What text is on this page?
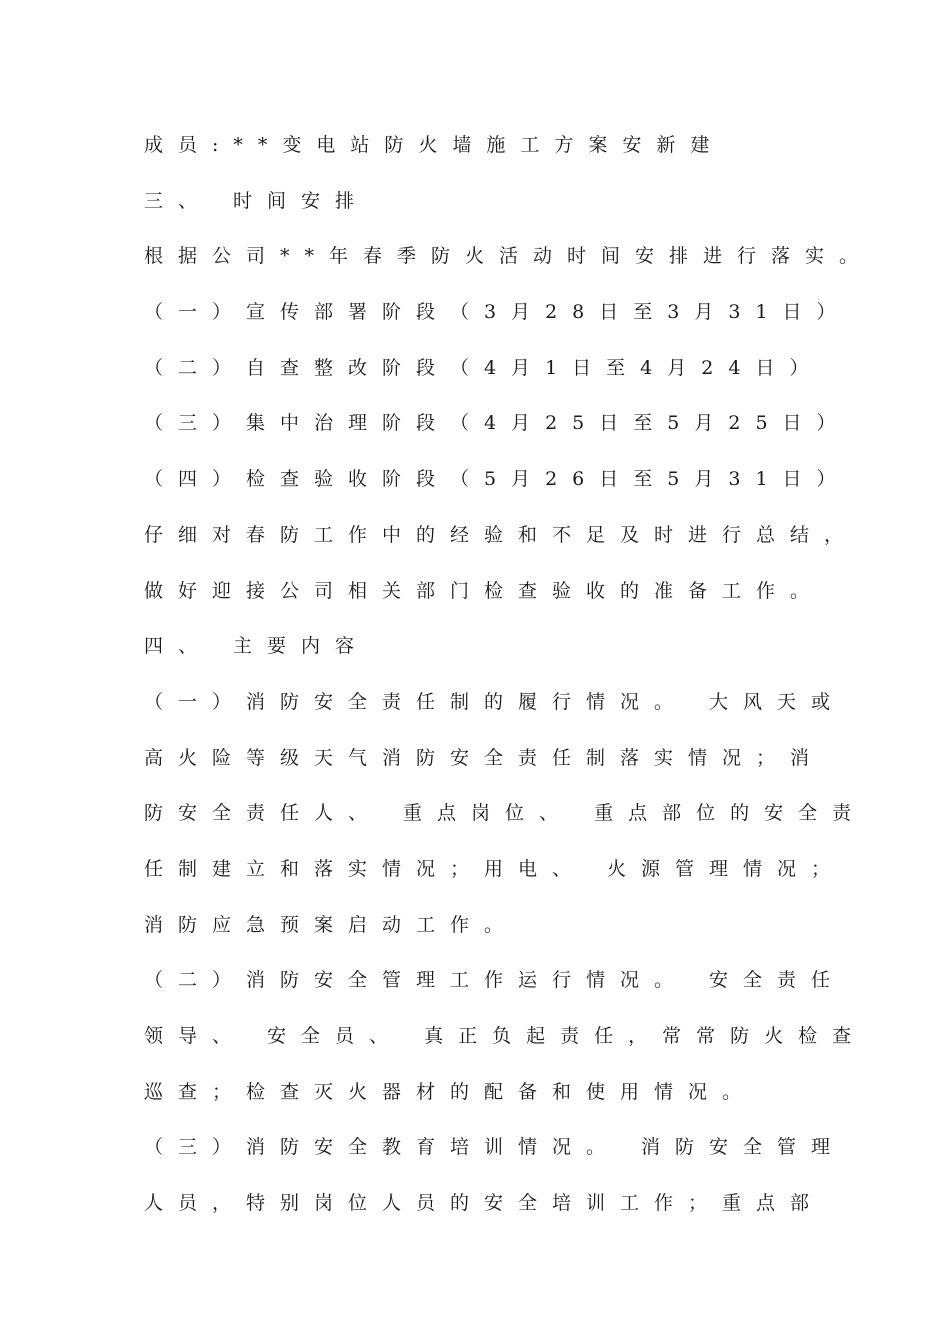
成员:**变电站防火墙施工方案安新建
三、 时间安排
根据公司**年春季防火活动时间安排进行落实。
（一）宣传部署阶段（3月28日至3月31日）
（二）自查整改阶段（4月1日至4月24日）
（三）集中治理阶段（4月25日至5月25日）
（四）检查验收阶段（5月26日至5月31日）
仔细对春防工作中的经验和不足及时进行总结，
做好迎接公司相关部门检查验收的准备工作。
四、 主要内容
（一）消防安全责任制的履行情况。 大风天或
高火险等级天气消防安全责任制落实情况；消
防安全责任人、 重点岗位、 重点部位的安全责
任制建立和落实情况；用电、 火源管理情况；
消防应急预案启动工作。
（二）消防安全管理工作运行情况。 安全责任
领导、 安全员、 真正负起责任，常常防火检查
巡查；检查灭火器材的配备和使用情况。
（三）消防安全教育培训情况。 消防安全管理
人员，特别岗位人员的安全培训工作；重点部
